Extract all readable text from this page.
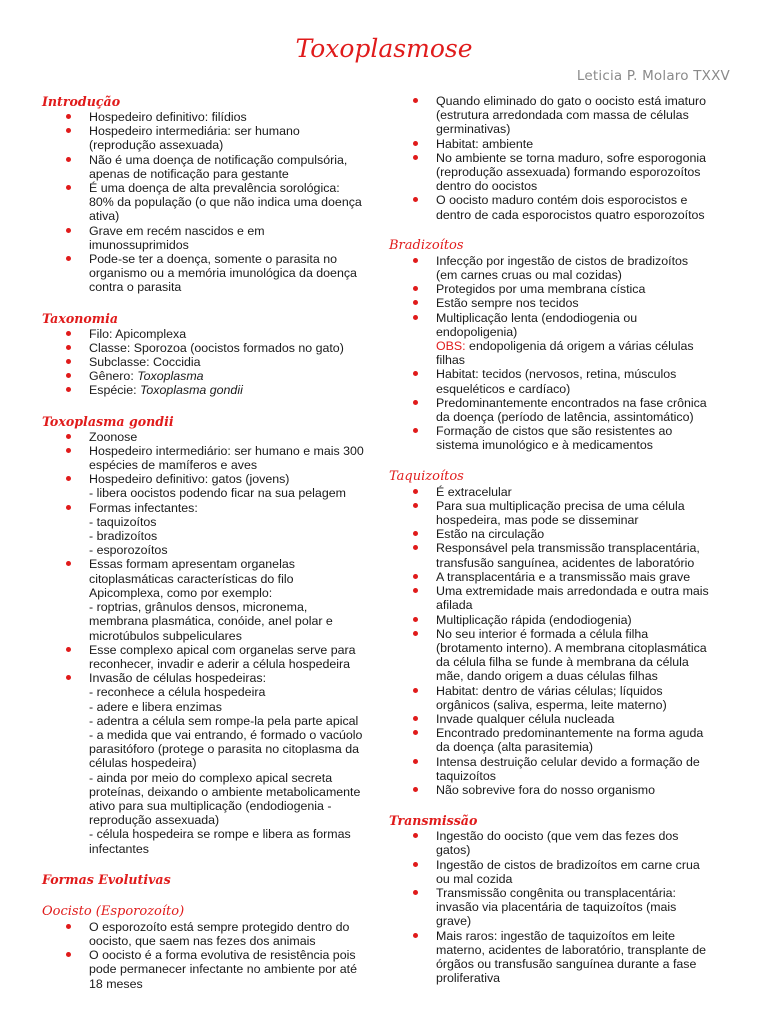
Toxoplasmose
Leticia P. Molaro TXXV
Introdução
Hospedeiro definitivo: filídios
Hospedeiro intermediária: ser humano
(reprodução assexuada)
Não é uma doença de notificação compulsória,
apenas de notificação para gestante
É uma doença de alta prevalência sorológica:
80% da população (o que não indica uma doença
ativa)
Grave em recém nascidos e em
imunossuprimidos
Pode-se ter a doença, somente o parasita no
organismo ou a memória imunológica da doença
contra o parasita
Taxonomia
Filo: Apicomplexa
Classe: Sporozoa (oocistos formados no gato)
Subclasse: Coccidia
Gênero: Toxoplasma
Espécie: Toxoplasma gondii
Toxoplasma gondii
Zoonose
Hospedeiro intermediário: ser humano e mais 300
espécies de mamíferos e aves
Hospedeiro definitivo: gatos (jovens)
- libera oocistos podendo ficar na sua pelagem
Formas infectantes:
- taquizoítos
- bradizoítos
- esporozoítos
Essas formam apresentam organelas
citoplasmáticas características do filo
Apicomplexa, como por exemplo:
- roptrias, grânulos densos, micronema,
membrana plasmática, conóide, anel polar e
microtúbulos subpeliculares
Esse complexo apical com organelas serve para
reconhecer, invadir e aderir a célula hospedeira
Invasão de células hospedeiras:
- reconhece a célula hospedeira
- adere e libera enzimas
- adentra a célula sem rompe-la pela parte apical
- a medida que vai entrando, é formado o vacúolo
parasitóforo (protege o parasita no citoplasma da
células hospedeira)
- ainda por meio do complexo apical secreta
proteínas, deixando o ambiente metabolicamente
ativo para sua multiplicação (endodiogenia -
reprodução assexuada)
- célula hospedeira se rompe e libera as formas
infectantes
Formas Evolutivas
Oocisto (Esporozoíto)
O esporozoíto está sempre protegido dentro do
oocisto, que saem nas fezes dos animais
O oocisto é a forma evolutiva de resistência pois
pode permanecer infectante no ambiente por até
18 meses
Quando eliminado do gato o oocisto está imaturo
(estrutura arredondada com massa de células
germinativas)
Habitat: ambiente
No ambiente se torna maduro, sofre esporogonia
(reprodução assexuada) formando esporozoítos
dentro do oocistos
O oocisto maduro contém dois esporocistos e
dentro de cada esporocistos quatro esporozoítos
Bradizoítos
Infecção por ingestão de cistos de bradizoítos
(em carnes cruas ou mal cozidas)
Protegidos por uma membrana cística
Estão sempre nos tecidos
Multiplicação lenta (endodiogenia ou
endopoligenia)
OBS: endopoligenia dá origem a várias células
filhas
Habitat: tecidos (nervosos, retina, músculos
esqueléticos e cardíaco)
Predominantemente encontrados na fase crônica
da doença (período de latência, assintomático)
Formação de cistos que são resistentes ao
sistema imunológico e à medicamentos
Taquizoítos
É extracelular
Para sua multiplicação precisa de uma célula
hospedeira, mas pode se disseminar
Estão na circulação
Responsável pela transmissão transplacentária,
transfusão sanguínea, acidentes de laboratório
A transplacentária e a transmissão mais grave
Uma extremidade mais arredondada e outra mais
afilada
Multiplicação rápida (endodiogenia)
No seu interior é formada a célula filha
(brotamento interno). A membrana citoplasmática
da célula filha se funde à membrana da célula
mãe, dando origem a duas células filhas
Habitat: dentro de várias células; líquidos
orgânicos (saliva, esperma, leite materno)
Invade qualquer célula nucleada
Encontrado predominantemente na forma aguda
da doença (alta parasitemia)
Intensa destruição celular devido a formação de
taquizoítos
Não sobrevive fora do nosso organismo
Transmissão
Ingestão do oocisto (que vem das fezes dos
gatos)
Ingestão de cistos de bradizoítos em carne crua
ou mal cozida
Transmissão congênita ou transplacentária:
invasão via placentária de taquizoítos (mais
grave)
Mais raros: ingestão de taquizoítos em leite
materno, acidentes de laboratório, transplante de
órgãos ou transfusão sanguínea durante a fase
proliferativa
